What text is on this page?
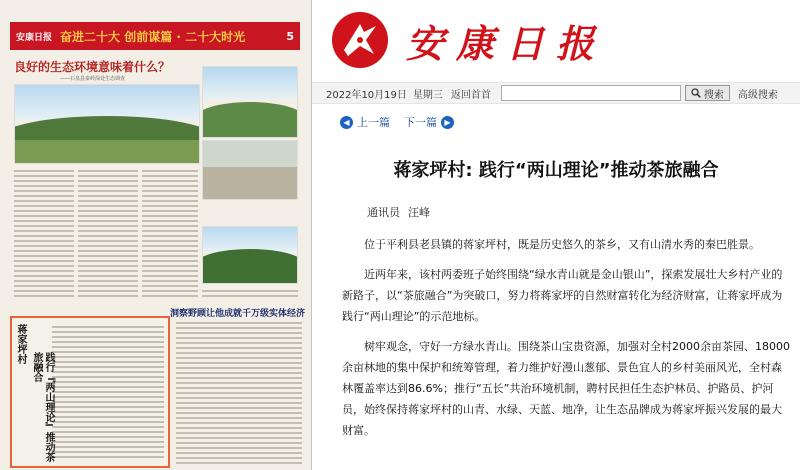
安康日报 奋进二十大 创前谋篇 · 二十大时光	5
良好的生态环境意味着什么？
——石泉县秦岭深处生态调查
洞察野顾让他成就千万级实体经济
蒋家坪村
践行『两山理论』推动茶旅融合
安康日报
2022年10月19日 星期三 返回首首	搜索 高级搜索
◀ 上一篇 下一篇 ▶
蒋家坪村: 践行“两山理论”推动茶旅融合
通讯员 汪峰

位于平利县老县镇的蒋家坪村，既是历史悠久的茶乡，又有山清水秀的秦巴胜景。

近两年来，该村两委班子始终围绕“绿水青山就是金山银山”，探索发展壮大乡村产业的新路子，以“茶旅融合”为突破口，努力将蒋家坪的自然财富转化为经济财富，让蒋家坪成为践行“两山理论”的示范地标。

树牢观念，守好一方绿水青山。围绕茶山宝贵资源，加强对全村2000余亩茶园、18000余亩林地的集中保护和统筹管理，着力维护好漫山葱郁、景色宜人的乡村美丽风光，全村森林覆盖率达到86.6%；推行“五长”共治环境机制，聘村民担任生态护林员、护路员、护河员，始终保持蒋家坪村的山青、水绿、天蓝、地净，让生态品牌成为蒋家坪振兴发展的最大财富。
